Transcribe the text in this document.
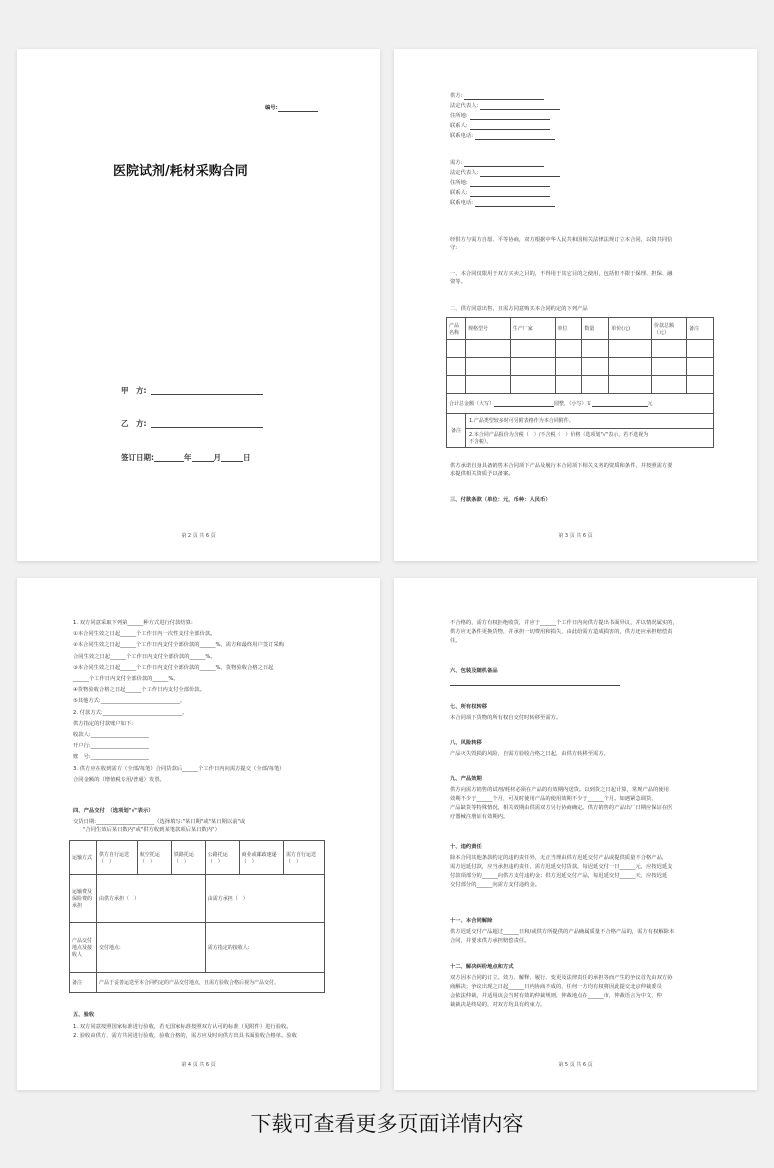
编号:
医院试剂/耗材采购合同
甲　方:
乙　方:
签订日期:	年	月	日
第 2 页 共 6 页
供方:
法定代表人:
住所地:
联系人:
联系电话:
需方:
法定代表人:
住所地:
联系人:
联系电话:
经供方与需方自愿、平等协商，双方根据中华人民共和国相关法律法规订立本合同，以资共同信
守:
一、本合同仅限用于双方买卖之目的，不得用于其它目的之使用，包括但不限于保理、担保、融
资等。
二、供方同意出售，且需方同意购买本合同约定的下列产品
产品名称	规格型号	生产厂家	单位	数量	单价(元)	价款总额（元）	备注

合计总金额（大写） 圆整，（小写）￥ 元							
备注	1.产品类型较多时可另附表格作为本合同附件。
2.本合同产品报价为含税（　）/不含税（　）价格（选项划"√"表示，若不选视为
不含税）。						
供方承诺自身具备销售本合同项下产品及履行本合同项下相关义务的资质和条件，并按照需方要
求提供相关资质予以备案。
三、付款条款（单位：元，币种：人民币）
第 3 页 共 6 页
1. 双方同意采取下列第______种方式进行付款结算:
①本合同生效之日起______个工作日内一次性支付全部价款。
②本合同生效之日起______个工作日内支付全部价款的______%，需方和最终用户签订采购
合同生效之日起______个工作日内支付全部价款的______%。
③本合同生效之日起______个工作日内支付全部价款的______%，货物验收合格之日起
______个工作日内支付全部价款的______%。
④货物验收合格之日起______个工作日内支付全部价款。
⑤其他方式:______________________________。
2. 付款方式:______________________________。
供方指定的付款账户如下:
收款人:______________________
开户行:______________________
账　号:______________________
3. 供方应在收到需方（全部/每笔）合同货款后______个工作日内向需方提交（全部/每笔）
合同金额的（增值税专用/普通）发票。
四、产品交付　（选项划"√"表示）
交货日期:______________________（选择填写:"某日期"或"某日期以前"或
"合同生效后某日数内"或"供方收到某笔款项后某日数内"）
运输方式	供方自行运送（　）	航空托运（　）	铁路托运（　）	公路托运（　）	商业或邮政速递（　）	需方自行运送（　）
运输费及保险费的承担	由供方承担（　）			由需方承担（　）		
产品交付地点及接收人	交付地点:			需方指定的接收人:		
备注	产品于妥善运送至本合同约定的产品交付地点，且需方验收合格后视为产品交付。					
五、验收
1. 双方同意按照国家标准进行验收，若无国家标准按照双方认可的标准（见附件）进行验收。
2. 验收由供方、需方共同进行验收，验收合格的，需方应及时向供方出具书面验收合格单。验收
第 4 页 共 6 页
不合格的，需方有权拒绝收货，并应于______个工作日内向供方提出书面异议，并以情况属实的，
供方应无条件更换货物，并承担一切费用和损失，由此给需方造成损害的，供方还应承担赔偿责
任。
六、包装及随机备品
七、所有权转移
本合同项下货物的所有权自交付时转移至需方。
八、风险转移
产品灭失毁损的风险，自需方验收合格之日起，由供方转移至需方。
九、产品效期
供方向需方销售的试剂/耗材必须在产品的有效期内送货。以到货之日起计算，常规产品的使用
效期不少于______个月，可及时使用产品的使用效期不少于______个月。如遇紧急调货、
产品缺货等特殊情况，相关效期由供需双方另行协商确定。供方销售的产品出厂日期应保证在医
疗器械注册证有效期内。
十、违约责任
除本合同其他条款约定的违约责任外，无正当理由供方迟延交付产品或提供质量不合格产品，
需方迟延付款，应当承担违约责任，需方迟延交付货款，每迟延交付一日______元，应按迟延支
付款项部分的______向供方支付违约金；供方迟延交付产品，每迟延交付______天，应按迟延
交付部分的______向需方支付违约金。
十一、本合同解除
供方迟延交付产品超过______日和/或供方所提供的产品确属质量不合格产品的，需方有权解除本
合同，并要求供方承担赔偿责任。
十二、解决纠纷地点和方式
双方因本合同的订立、效力、解释、履行、变更及法律责任的承担等而产生的争议首先由双方协
商解决；争议出现之日起______日内协商不成的，任何一方均有权将因此提交北京仲裁委员
会依法仲裁，并适用该会当时有效的仲裁规则，仲裁地点在______市，仲裁语言为中文，仲
裁裁决是终局的，对双方均具有约束力。
第 5 页 共 6 页
下载可查看更多页面详情内容
